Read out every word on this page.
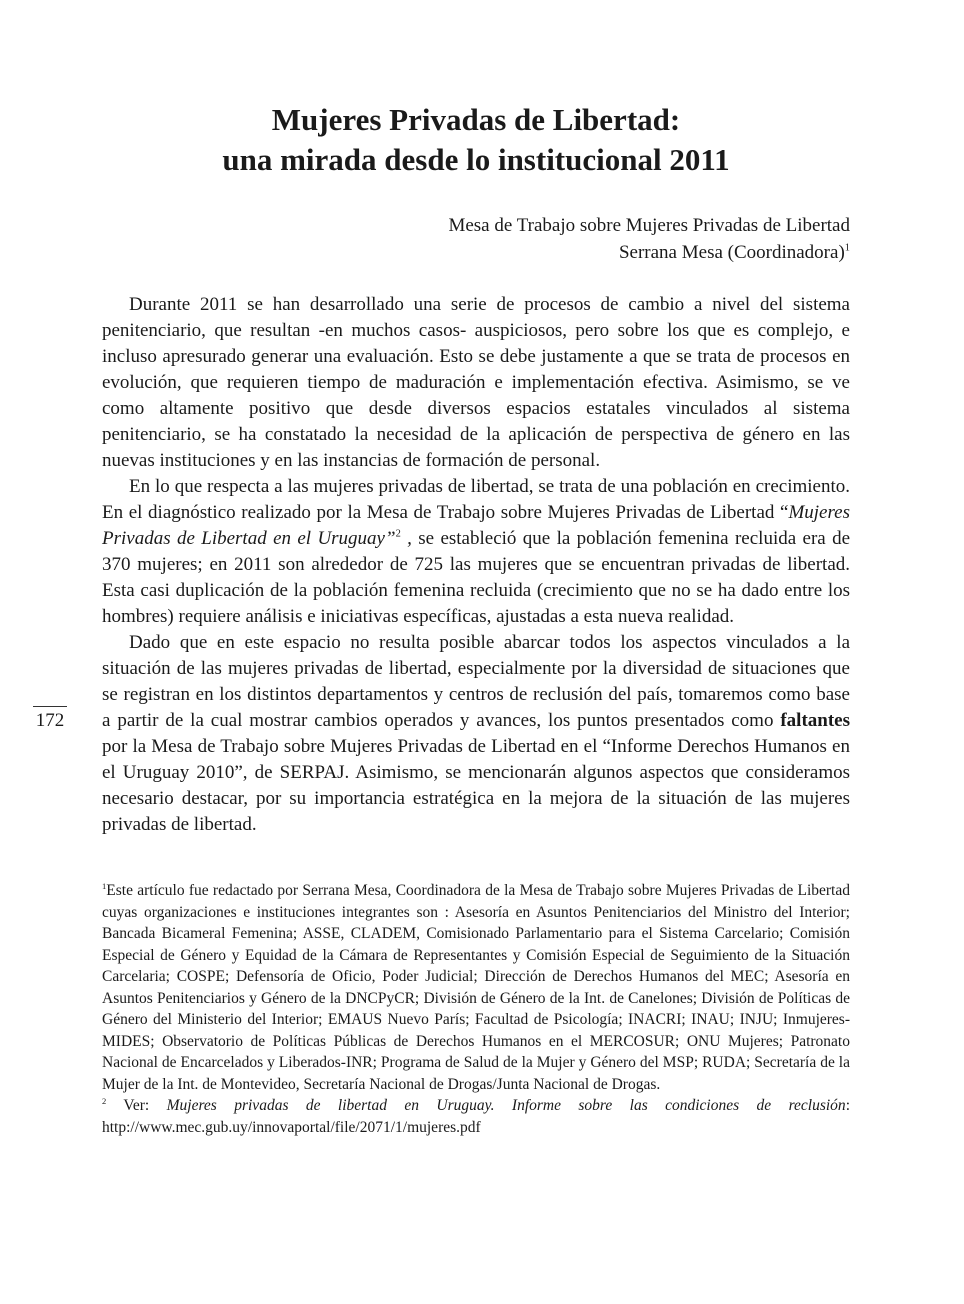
Mujeres Privadas de Libertad:
una mirada desde lo institucional 2011
Mesa de Trabajo sobre Mujeres Privadas de Libertad
Serrana Mesa (Coordinadora)$^1$

Durante 2011 se han desarrollado una serie de procesos de cambio a nivel del sistema penitenciario, que resultan -en muchos casos- auspiciosos, pero sobre los que es complejo, e incluso apresurado generar una evaluación. Esto se debe justamente a que se trata de procesos en evolución, que requieren tiempo de maduración e implementación efectiva. Asimismo, se ve como altamente positivo que desde diversos espacios estatales vinculados al sistema penitenciario, se ha constatado la necesidad de la aplicación de perspectiva de género en las nuevas instituciones y en las instancias de formación de personal.

En lo que respecta a las mujeres privadas de libertad, se trata de una población en crecimiento. En el diagnóstico realizado por la Mesa de Trabajo sobre Mujeres Privadas de Libertad “Mujeres Privadas de Libertad en el Uruguay”$^2$ , se estableció que la población femenina recluida era de 370 mujeres; en 2011 son alrededor de 725 las mujeres que se encuentran privadas de libertad. Esta casi duplicación de la población femenina recluida (crecimiento que no se ha dado entre los hombres) requiere análisis e iniciativas específicas, ajustadas a esta nueva realidad.

Dado que en este espacio no resulta posible abarcar todos los aspectos vinculados a la situación de las mujeres privadas de libertad, especialmente por la diversidad de situaciones que se registran en los distintos departamentos y centros de reclusión del país, tomaremos como base a partir de la cual mostrar cambios operados y avances, los puntos presentados como faltantes por la Mesa de Trabajo sobre Mujeres Privadas de Libertad en el “Informe Derechos Humanos en el Uruguay 2010”, de SERPAJ. Asimismo, se mencionarán algunos aspectos que consideramos necesario destacar, por su importancia estratégica en la mejora de la situación de las mujeres privadas de libertad.

172

$^1$Este artículo fue redactado por Serrana Mesa, Coordinadora de la Mesa de Trabajo sobre Mujeres Privadas de Libertad cuyas organizaciones e instituciones integrantes son : Asesoría en Asuntos Penitenciarios del Ministro del Interior; Bancada Bicameral Femenina; ASSE, CLADEM, Comisionado Parlamentario para el Sistema Carcelario; Comisión Especial de Género y Equidad de la Cámara de Representantes y Comisión Especial de Seguimiento de la Situación Carcelaria; COSPE; Defensoría de Oficio, Poder Judicial; Dirección de Derechos Humanos del MEC; Asesoría en Asuntos Penitenciarios y Género de la DNCPyCR; División de Género de la Int. de Canelones; División de Políticas de Género del Ministerio del Interior; EMAUS Nuevo París; Facultad de Psicología; INACRI; INAU; INJU; Inmujeres-MIDES; Observatorio de Políticas Públicas de Derechos Humanos en el MERCOSUR; ONU Mujeres; Patronato Nacional de Encarcelados y Liberados-INR; Programa de Salud de la Mujer y Género del MSP; RUDA; Secretaría de la Mujer de la Int. de Montevideo, Secretaría Nacional de Drogas/Junta Nacional de Drogas.

$^2$ Ver: Mujeres privadas de libertad en Uruguay. Informe sobre las condiciones de reclusión: http://www.mec.gub.uy/innovaportal/file/2071/1/mujeres.pdf
